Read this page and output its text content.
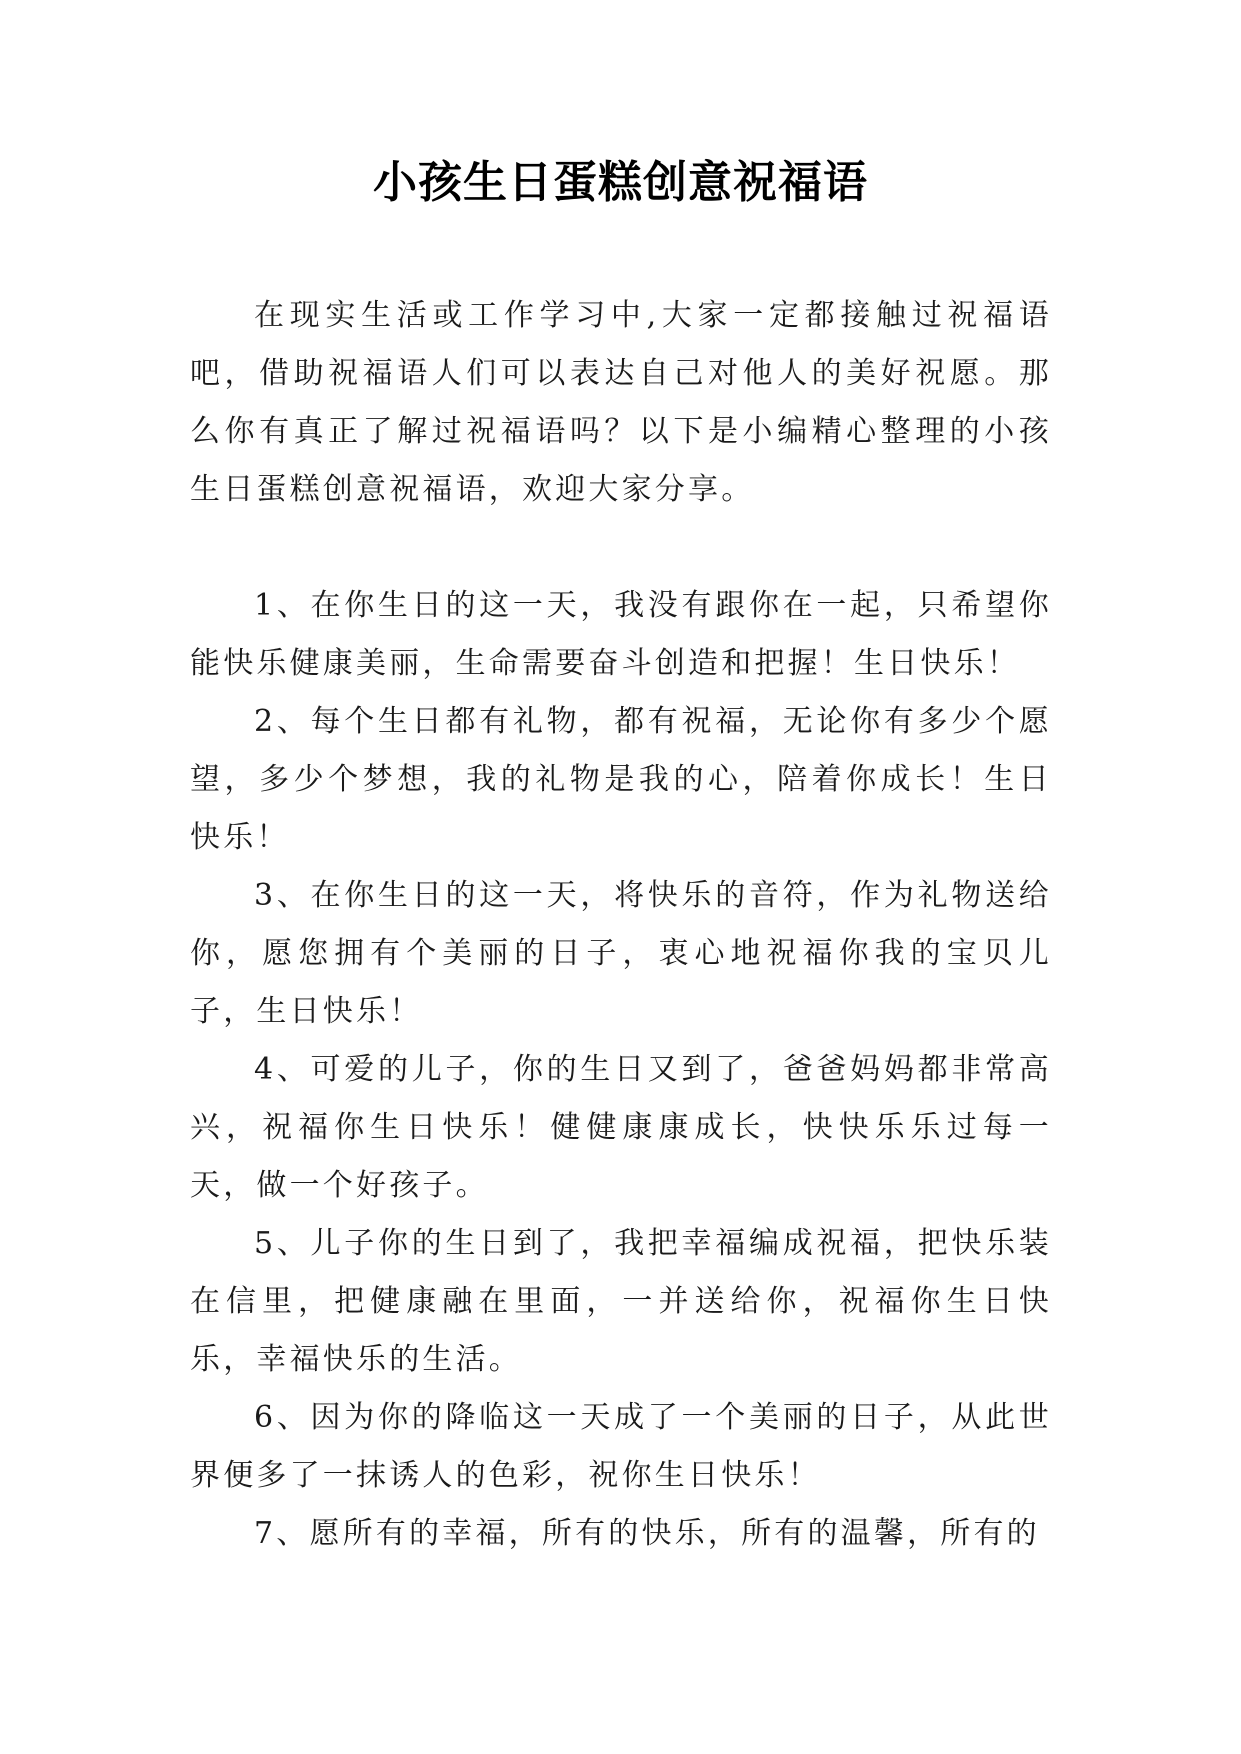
小孩生日蛋糕创意祝福语

在现实生活或工作学习中,大家一定都接触过祝福语吧，借助祝福语人们可以表达自己对他人的美好祝愿。那么你有真正了解过祝福语吗？以下是小编精心整理的小孩生日蛋糕创意祝福语，欢迎大家分享。

1、在你生日的这一天，我没有跟你在一起，只希望你能快乐健康美丽，生命需要奋斗创造和把握！生日快乐！
2、每个生日都有礼物，都有祝福，无论你有多少个愿望，多少个梦想，我的礼物是我的心，陪着你成长！生日快乐！
3、在你生日的这一天，将快乐的音符，作为礼物送给你，愿您拥有个美丽的日子，衷心地祝福你我的宝贝儿子，生日快乐！
4、可爱的儿子，你的生日又到了，爸爸妈妈都非常高兴，祝福你生日快乐！健健康康成长，快快乐乐过每一天，做一个好孩子。
5、儿子你的生日到了，我把幸福编成祝福，把快乐装在信里，把健康融在里面，一并送给你，祝福你生日快乐，幸福快乐的生活。
6、因为你的降临这一天成了一个美丽的日子，从此世界便多了一抹诱人的色彩，祝你生日快乐！
7、愿所有的幸福，所有的快乐，所有的温馨，所有的
